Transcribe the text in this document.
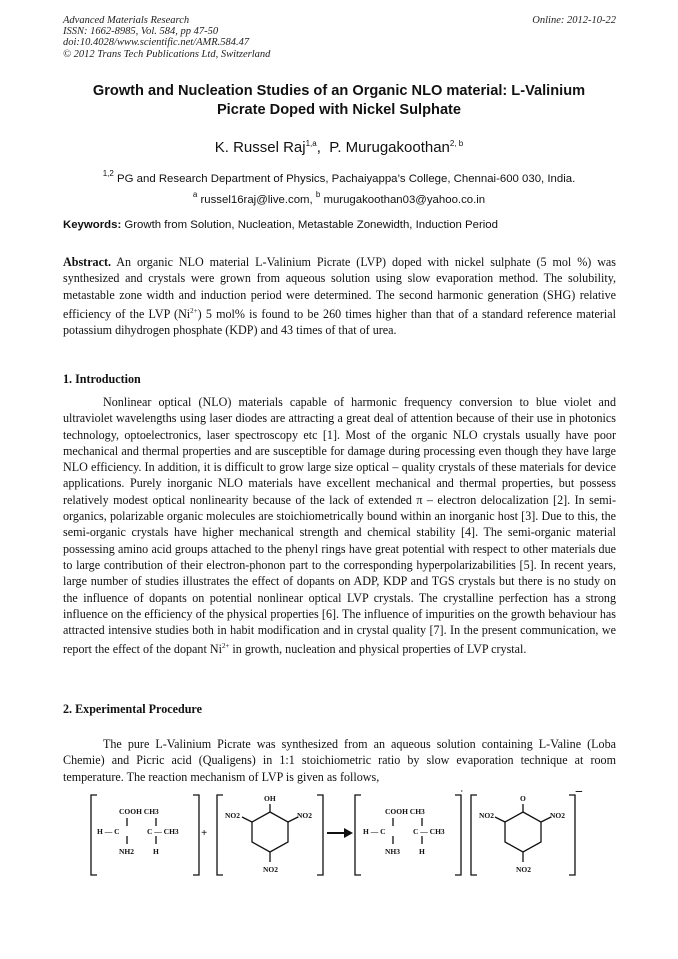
Advanced Materials Research
ISSN: 1662-8985, Vol. 584, pp 47-50
doi:10.4028/www.scientific.net/AMR.584.47
© 2012 Trans Tech Publications Ltd, Switzerland
Online: 2012-10-22
Growth and Nucleation Studies of an Organic NLO material: L-Valinium
Picrate Doped with Nickel Sulphate
K. Russel Raj$^{1,a}$,  P. Murugakoothan$^{2, b}$
$^{1,2}$ PG and Research Department of Physics, Pachaiyappa’s College, Chennai-600 030, India.
$^a$ russel16raj@live.com, $^b$ murugakoothan03@yahoo.co.in
Keywords: Growth from Solution, Nucleation, Metastable Zonewidth, Induction Period

Abstract. An organic NLO material L-Valinium Picrate (LVP) doped with nickel sulphate (5 mol %) was synthesized and crystals were grown from aqueous solution using slow evaporation method. The solubility, metastable zone width and induction period were determined. The second harmonic generation (SHG) relative efficiency of the LVP $(Ni^{2+})$ 5 mol% is found to be 260 times higher than that of a standard reference material potassium dihydrogen phosphate (KDP) and 43 times of that of urea.

1. Introduction

Nonlinear optical (NLO) materials capable of harmonic frequency conversion to blue violet and ultraviolet wavelengths using laser diodes are attracting a great deal of attention because of their use in photonics technology, optoelectronics, laser spectroscopy etc [1]. Most of the organic NLO crystals usually have poor mechanical and thermal properties and are susceptible for damage during processing even though they have large NLO efficiency. In addition, it is difficult to grow large size optical – quality crystals of these materials for device applications. Purely inorganic NLO materials have excellent mechanical and thermal properties, but possess relatively modest optical nonlinearity because of the lack of extended π – electron delocalization [2]. In semi-organics, polarizable organic molecules are stoichiometrically bound within an inorganic host [3]. Due to this, the semi-organic crystals have higher mechanical strength and chemical stability [4]. The semi-organic material possessing amino acid groups attached to the phenyl rings have great potential with respect to other materials due to large contribution of their electron-phonon part to the corresponding hyperpolarizabilities [5]. In recent years, large number of studies illustrates the effect of dopants on ADP, KDP and TGS crystals but there is no study on the influence of dopants on potential nonlinear optical LVP crystals. The crystalline perfection has a strong influence on the efficiency of the physical properties [6]. The influence of impurities on the growth behaviour has attracted intensive studies both in habit modification and in crystal quality [7]. In the present communication, we report the effect of the dopant $Ni^{2+}$ in growth, nucleation and physical properties of LVP crystal.

2. Experimental Procedure

The pure L-Valinium Picrate was synthesized from an aqueous solution containing L-Valine (Loba Chemie) and Picric acid (Qualigens) in 1:1 stoichiometric ratio by slow evaporation technique at room temperature. The reaction mechanism of LVP is given as follows,

COOH CH3
H — C	C — CH3
NH2	H
+
OH
NO2	NO2
NO2
COOH CH3
H — C	C — CH3
NH3	H
+
O
NO2	NO2
NO2
−
